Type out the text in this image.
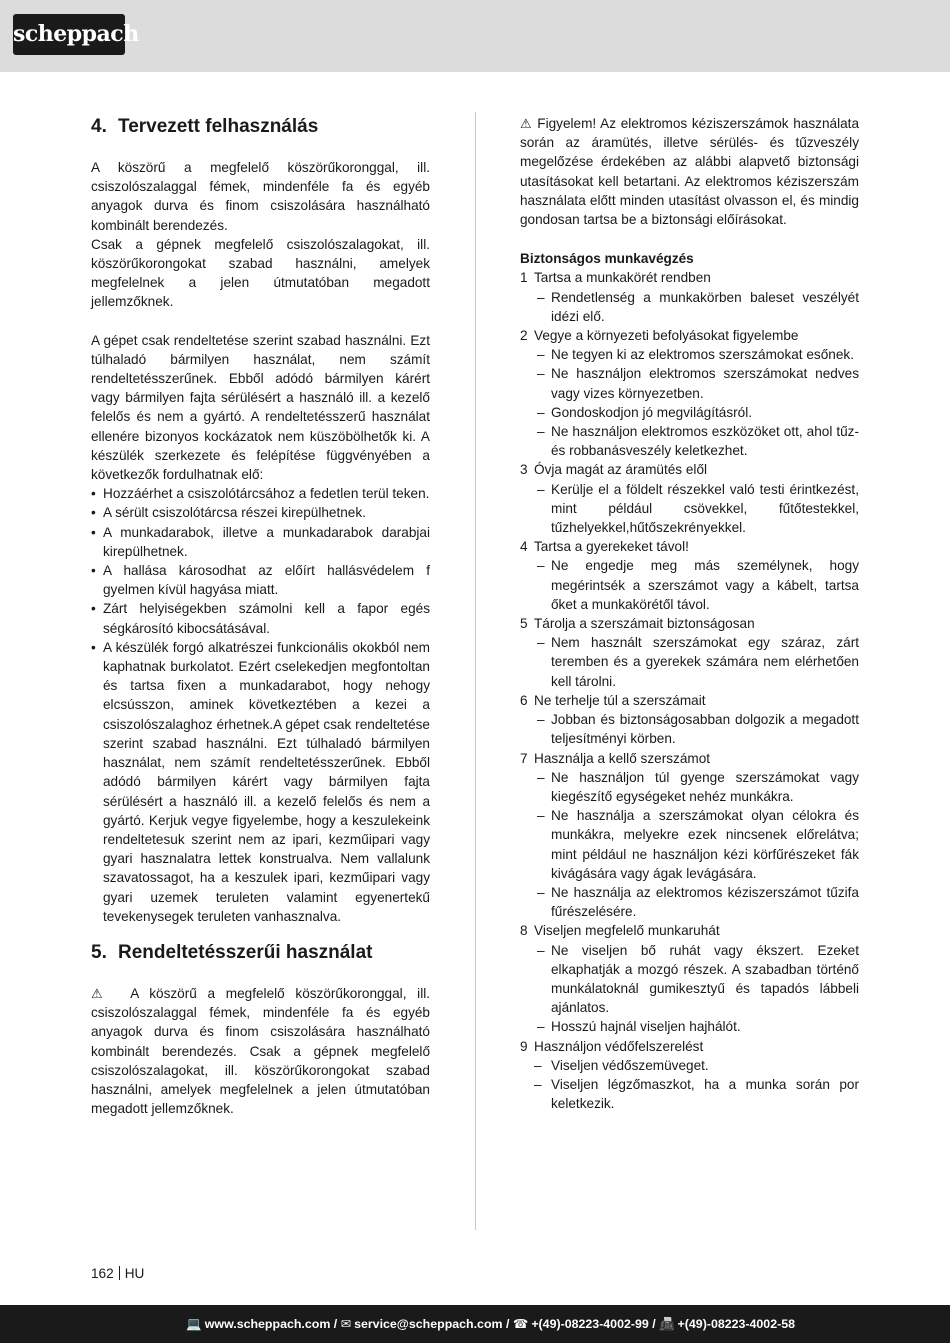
scheppach
4. Tervezett felhasználás

A köszörű a megfelelő köszörűkoronggal, ill. csiszolószalaggal fémek, mindenféle fa és egyéb anyagok durva és finom csiszolására használható kombinált berendezés.

Csak a gépnek megfelelő csiszolószalagokat, ill. köszörűkorongokat szabad használni, amelyek megfelelnek a jelen útmutatóban megadott jellemzőknek.

A gépet csak rendeltetése szerint szabad használni. Ezt túlhaladó bármilyen használat, nem számít rendeltetésszerűnek. Ebből adódó bármilyen kárért vagy bármilyen fajta sérülésért a használó ill. a kezelő felelős és nem a gyártó. A rendeltetésszerű használat ellenére bizonyos kockázatok nem küszöbölhetők ki. A készülék szerkezete és felépítése függvényében a következők fordulhatnak elő:

• Hozzáérhet a csiszolótárcsához a fedetlen terül teken.
• A sérült csiszolótárcsa részei kirepülhetnek.
• A munkadarabok, illetve a munkadarabok darabjai kirepülhetnek.
• A hallása károsodhat az előírt hallásvédelem f gyelmen kívül hagyása miatt.
• Zárt helyiségekben számolni kell a fapor egés ségkárosító kibocsátásával.
• A készülék forgó alkatrészei funkcionális okokból nem kaphatnak burkolatot. Ezért cselekedjen megfontoltan és tartsa fixen a munkadarabot, hogy nehogy elcsússzon, aminek következtében a kezei a csiszolószalaghoz érhetnek.A gépet csak rendeltetése szerint szabad használni. Ezt túlhaladó bármilyen használat, nem számít rendeltetésszerűnek. Ebből adódó bármilyen kárért vagy bármilyen fajta sérülésért a használó ill. a kezelő felelős és nem a gyártó. Kerjuk vegye figyelembe, hogy a keszulekeink rendeltetesuk szerint nem az ipari, kezműipari vagy gyari hasznalatra lettek konstrualva. Nem vallalunk szavatossagot, ha a keszulek ipari, kezműipari vagy gyari uzemek teruleten valamint egyenertekű tevekenysegek teruleten vanhasznalva.
5. Rendeltetésszerűi használat

⚠ A köszörű a megfelelő köszörűkoronggal, ill. csiszolószalaggal fémek, mindenféle fa és egyéb anyagok durva és finom csiszolására használható kombinált berendezés. Csak a gépnek megfelelő csiszolószalagokat, ill. köszörűkorongokat szabad használni, amelyek megfelelnek a jelen útmutatóban megadott jellemzőknek.

⚠ Figyelem! Az elektromos kéziszerszámok használata során az áramütés, illetve sérülés- és tűzveszély megelőzése érdekében az alábbi alapvető biztonsági utasításokat kell betartani. Az elektromos kéziszerszám használata előtt minden utasítást olvasson el, és mindig gondosan tartsa be a biztonsági előírásokat.

Biztonságos munkavégzés

1 Tartsa a munkakörét rendben

– Rendetlenség a munkakörben baleset veszélyét idézi elő.

2 Vegye a környezeti befolyásokat figyelembe

– Ne tegyen ki az elektromos szerszámokat esőnek.

– Ne használjon elektromos szerszámokat nedves vagy vizes környezetben.

– Gondoskodjon jó megvilágításról.

– Ne használjon elektromos eszközöket ott, ahol tűz- és robbanásveszély keletkezhet.

3 Óvja magát az áramütés elől

– Kerülje el a földelt részekkel való testi érintkezést, mint például csövekkel, fűtőtestekkel, tűzhelyekkel,hűtőszekrényekkel.

4 Tartsa a gyerekeket távol!

– Ne engedje meg más személynek, hogy megérintsék a szerszámot vagy a kábelt, tartsa őket a munkakörétől távol.

5 Tárolja a szerszámait biztonságosan

– Nem használt szerszámokat egy száraz, zárt teremben és a gyerekek számára nem elérhetően kell tárolni.

6 Ne terhelje túl a szerszámait

– Jobban és biztonságosabban dolgozik a megadott teljesítményi körben.

7 Használja a kellő szerszámot

– Ne használjon túl gyenge szerszámokat vagy kiegészítő egységeket nehéz munkákra.

– Ne használja a szerszámokat olyan célokra és munkákra, melyekre ezek nincsenek előrelátva; mint például ne használjon kézi körfűrészeket fák kivágására vagy ágak levágására.

– Ne használja az elektromos kéziszerszámot tűzifa fűrészelésére.

8 Viseljen megfelelő munkaruhát

– Ne viseljen bő ruhát vagy ékszert. Ezeket elkaphatják a mozgó részek. A szabadban történő munkálatoknál gumikesztyű és tapadós lábbeli ajánlatos.

– Hosszú hajnál viseljen hajhálót.

9 Használjon védőfelszerelést

– Viseljen védőszemüveget.

– Viseljen légzőmaszkot, ha a munka során por keletkezik.

162 HU
💻 www.scheppach.com / ✉ service@scheppach.com / ☎ +(49)-08223-4002-99 / 📠 +(49)-08223-4002-58
